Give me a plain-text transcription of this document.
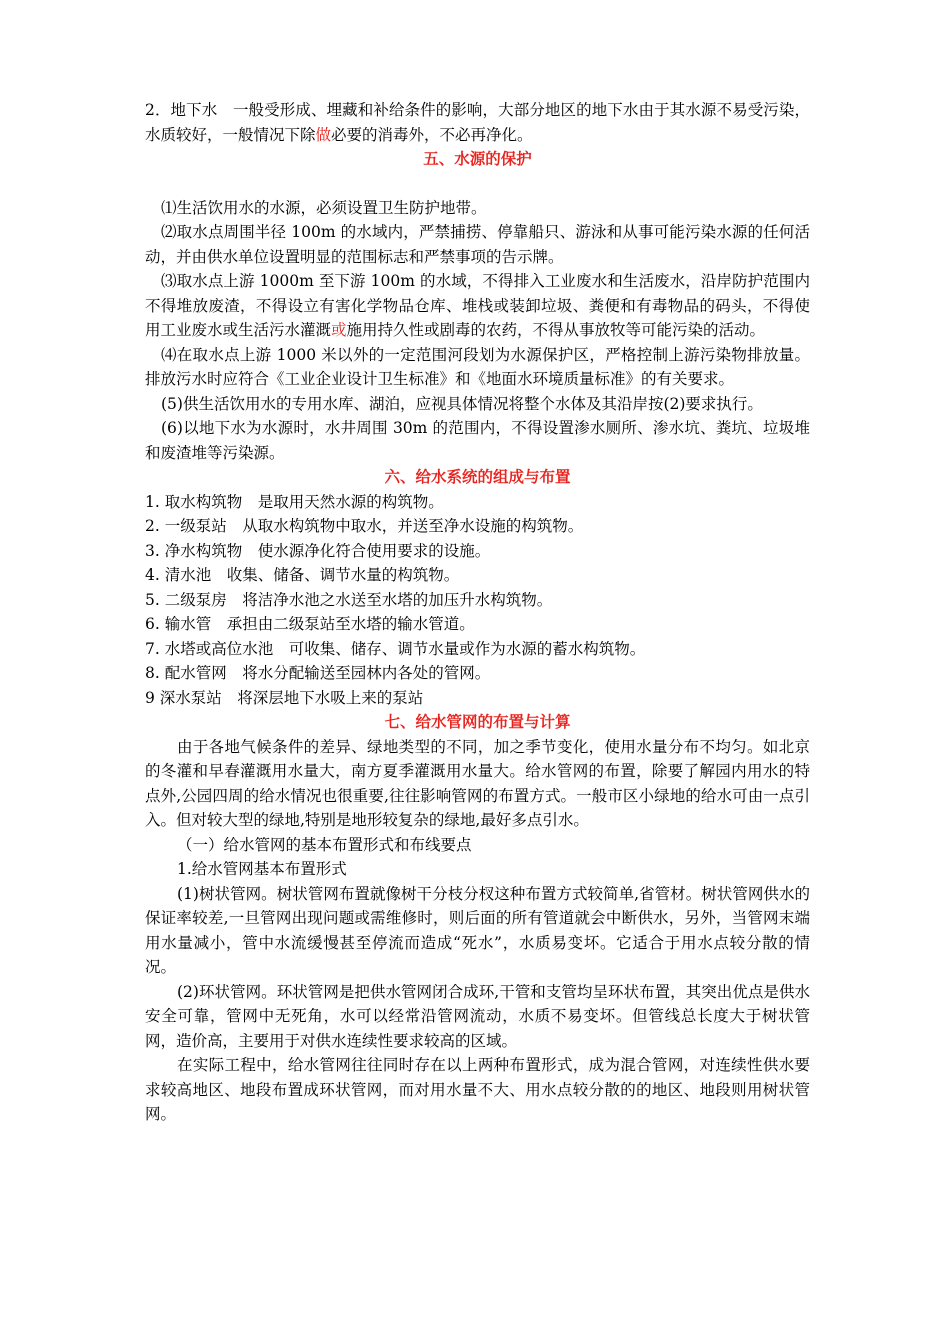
2．地下水　一般受形成、埋藏和补给条件的影响，大部分地区的地下水由于其水源不易受污染，水质较好，一般情况下除做必要的消毒外，不必再净化。

五、水源的保护

⑴生活饮用水的水源，必须设置卫生防护地带。

⑵取水点周围半径 100m 的水域内，严禁捕捞、停靠船只、游泳和从事可能污染水源的任何活动，并由供水单位设置明显的范围标志和严禁事项的告示牌。

⑶取水点上游 1000m 至下游 100m 的水域，不得排入工业废水和生活废水，沿岸防护范围内不得堆放废渣，不得设立有害化学物品仓库、堆栈或装卸垃圾、粪便和有毒物品的码头，不得使用工业废水或生活污水灌溉或施用持久性或剧毒的农药，不得从事放牧等可能污染的活动。

⑷在取水点上游 1000 米以外的一定范围河段划为水源保护区，严格控制上游污染物排放量。排放污水时应符合《工业企业设计卫生标准》和《地面水环境质量标准》的有关要求。

(5)供生活饮用水的专用水库、湖泊，应视具体情况将整个水体及其沿岸按(2)要求执行。

(6)以地下水为水源时，水井周围 30m 的范围内，不得设置渗水厕所、渗水坑、粪坑、垃圾堆和废渣堆等污染源。

六、给水系统的组成与布置

1. 取水构筑物　是取用天然水源的构筑物。

2. 一级泵站　从取水构筑物中取水，并送至净水设施的构筑物。

3. 净水构筑物　使水源净化符合使用要求的设施。

4. 清水池　收集、储备、调节水量的构筑物。

5. 二级泵房　将洁净水池之水送至水塔的加压升水构筑物。

6. 输水管　承担由二级泵站至水塔的输水管道。

7. 水塔或高位水池　可收集、储存、调节水量或作为水源的蓄水构筑物。

8. 配水管网　将水分配输送至园林内各处的管网。

9 深水泵站　将深层地下水吸上来的泵站

七、给水管网的布置与计算

由于各地气候条件的差异、绿地类型的不同，加之季节变化，使用水量分布不均匀。如北京的冬灌和早春灌溉用水量大，南方夏季灌溉用水量大。给水管网的布置，除要了解园内用水的特点外,公园四周的给水情况也很重要,往往影响管网的布置方式。一般市区小绿地的给水可由一点引入。但对较大型的绿地,特别是地形较复杂的绿地,最好多点引水。

（一）给水管网的基本布置形式和布线要点

1.给水管网基本布置形式

(1)树状管网。树状管网布置就像树干分枝分杈这种布置方式较简单,省管材。树状管网供水的保证率较差,一旦管网出现问题或需维修时，则后面的所有管道就会中断供水，另外，当管网末端用水量减小，管中水流缓慢甚至停流而造成“死水”，水质易变坏。它适合于用水点较分散的情况。

(2)环状管网。环状管网是把供水管网闭合成环,干管和支管均呈环状布置，其突出优点是供水安全可靠，管网中无死角，水可以经常沿管网流动，水质不易变坏。但管线总长度大于树状管网，造价高，主要用于对供水连续性要求较高的区域。

在实际工程中，给水管网往往同时存在以上两种布置形式，成为混合管网，对连续性供水要求较高地区、地段布置成环状管网，而对用水量不大、用水点较分散的的地区、地段则用树状管网。
